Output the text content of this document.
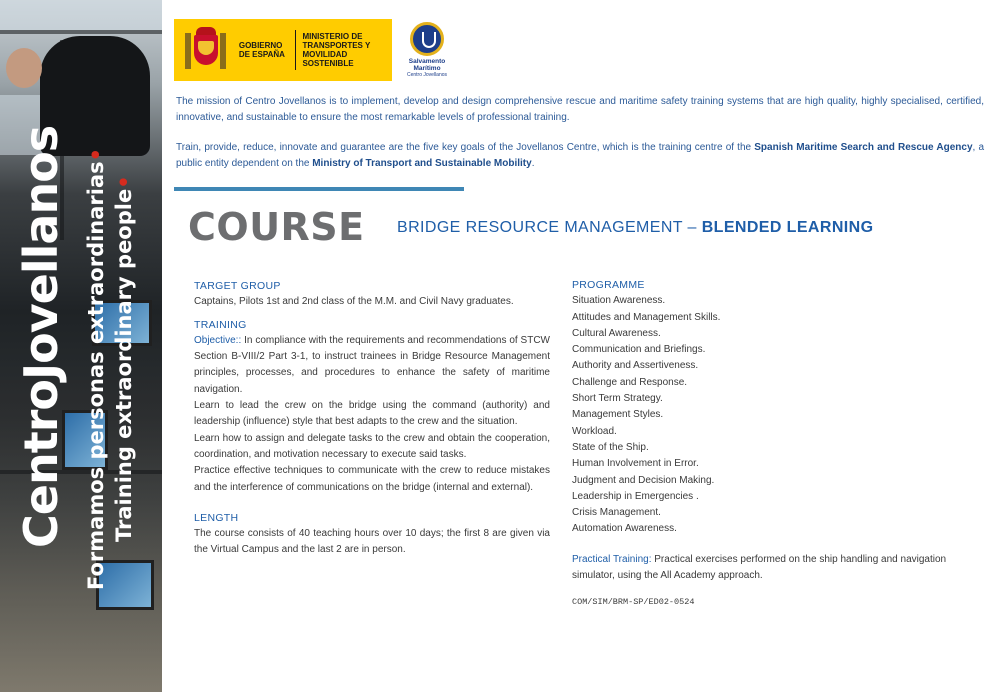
CentroJovellanos Formamos personas extraordinarias•
Training extraordinary people•
GOBIERNO DE ESPAÑA
MINISTERIO DE TRANSPORTES Y MOVILIDAD SOSTENIBLE	Salvamento Marítimo
Centro Jovellanos

The mission of Centro Jovellanos is to implement, develop and design comprehensive rescue and maritime safety training systems that are high quality, highly specialised, certified, innovative, and sustainable to ensure the most remarkable levels of professional training.

Train, provide, reduce, innovate and guarantee are the five key goals of the Jovellanos Centre, which is the training centre of the Spanish Maritime Search and Rescue Agency, a public entity dependent on the Ministry of Transport and Sustainable Mobility.

COURSE BRIDGE RESOURCE MANAGEMENT – BLENDED LEARNING
TARGET GROUP
Captains, Pilots 1st and 2nd class of the M.M. and Civil Navy graduates.
TRAINING
Objective:: In compliance with the requirements and recommendations of STCW Section B-VIII/2 Part 3-1, to instruct trainees in Bridge Resource Management principles, processes, and procedures to enhance the safety of maritime navigation.
Learn to lead the crew on the bridge using the command (authority) and leadership (influence) style that best adapts to the crew and the situation.
Learn how to assign and delegate tasks to the crew and obtain the cooperation, coordination, and motivation necessary to execute said tasks.
Practice effective techniques to communicate with the crew to reduce mistakes and the interference of communications on the bridge (internal and external).
LENGTH
The course consists of 40 teaching hours over 10 days; the first 8 are given via the Virtual Campus and the last 2 are in person.
PROGRAMME
Situation Awareness.
Attitudes and Management Skills.
Cultural Awareness.
Communication and Briefings.
Authority and Assertiveness.
Challenge and Response.
Short Term Strategy.
Management Styles.
Workload.
State of the Ship.
Human Involvement in Error.
Judgment and Decision Making.
Leadership in Emergencies .
Crisis Management.
Automation Awareness.
Practical Training: Practical exercises performed on the ship handling and navigation simulator, using the All Academy approach.
COM/SIM/BRM-SP/ED02-0524
